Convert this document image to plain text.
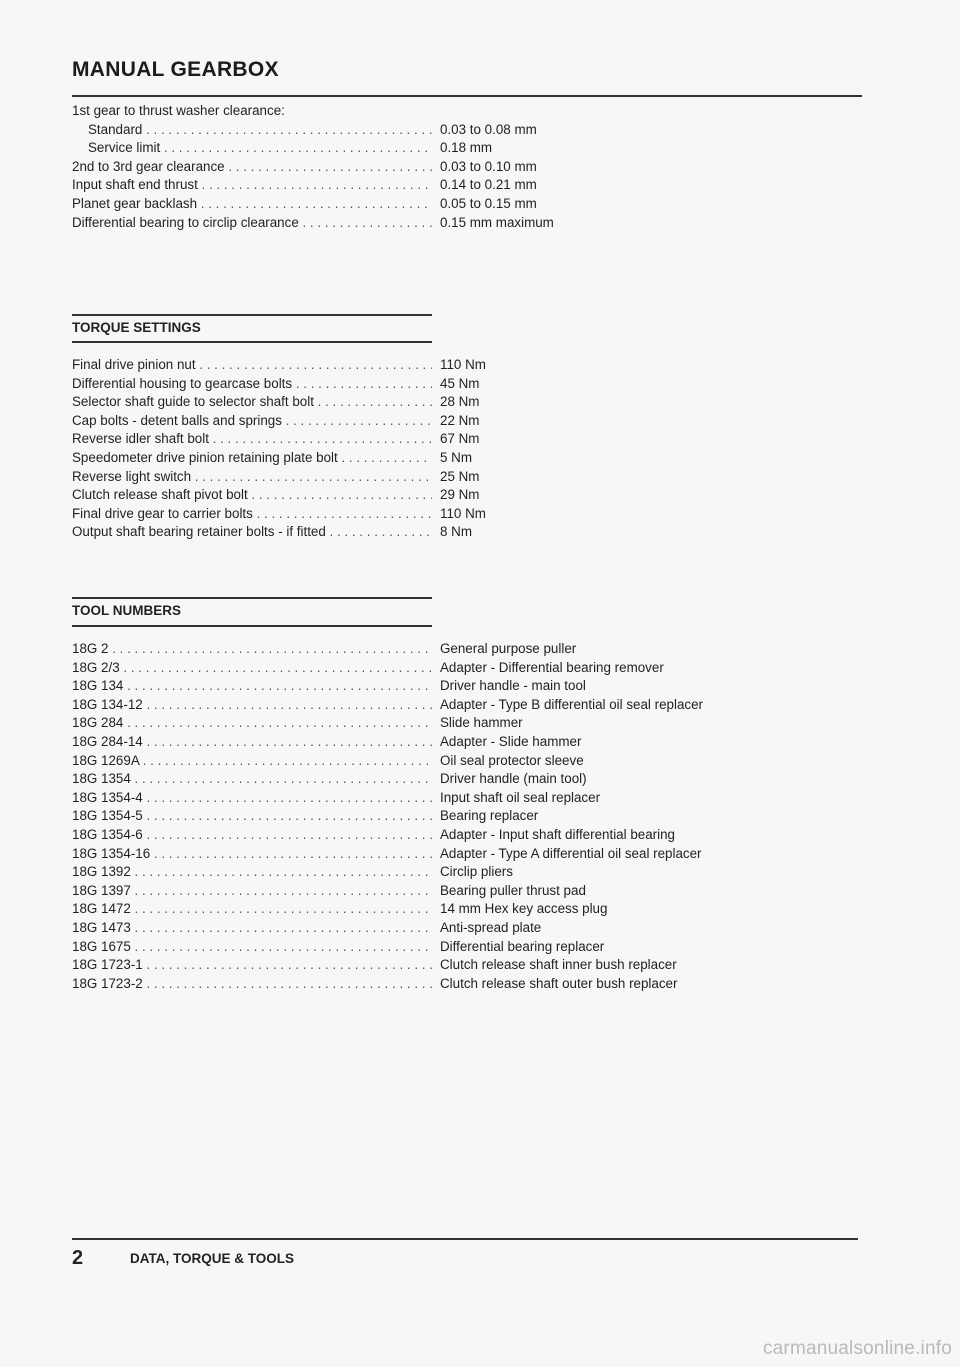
MANUAL GEARBOX
1st gear to thrust washer clearance:
Standard . . .	0.03 to 0.08 mm
Service limit . . .	0.18 mm
2nd to 3rd gear clearance . . .	0.03 to 0.10 mm
Input shaft end thrust . . .	0.14 to 0.21 mm
Planet gear backlash . . .	0.05 to 0.15 mm
Differential bearing to circlip clearance . . .	0.15 mm maximum
TORQUE SETTINGS
Final drive pinion nut . . .	110 Nm
Differential housing to gearcase bolts . . .	45 Nm
Selector shaft guide to selector shaft bolt . . .	28 Nm
Cap bolts - detent balls and springs . . .	22 Nm
Reverse idler shaft bolt . . .	67 Nm
Speedometer drive pinion retaining plate bolt . . .	5 Nm
Reverse light switch . . .	25 Nm
Clutch release shaft pivot bolt . . .	29 Nm
Final drive gear to carrier bolts . . .	110 Nm
Output shaft bearing retainer bolts - if fitted . . .	8 Nm
TOOL NUMBERS
18G 2 . . .	General purpose puller
18G 2/3 . . .	Adapter - Differential bearing remover
18G 134 . . .	Driver handle - main tool
18G 134-12 . . .	Adapter - Type B differential oil seal replacer
18G 284 . . .	Slide hammer
18G 284-14 . . .	Adapter - Slide hammer
18G 1269A . . .	Oil seal protector sleeve
18G 1354 . . .	Driver handle (main tool)
18G 1354-4 . . .	Input shaft oil seal replacer
18G 1354-5 . . .	Bearing replacer
18G 1354-6 . . .	Adapter - Input shaft differential bearing
18G 1354-16 . . .	Adapter - Type A differential oil seal replacer
18G 1392 . . .	Circlip pliers
18G 1397 . . .	Bearing puller thrust pad
18G 1472 . . .	14 mm Hex key access plug
18G 1473 . . .	Anti-spread plate
18G 1675 . . .	Differential bearing replacer
18G 1723-1 . . .	Clutch release shaft inner bush replacer
18G 1723-2 . . .	Clutch release shaft outer bush replacer
2	DATA, TORQUE & TOOLS
carmanualsonline.info
